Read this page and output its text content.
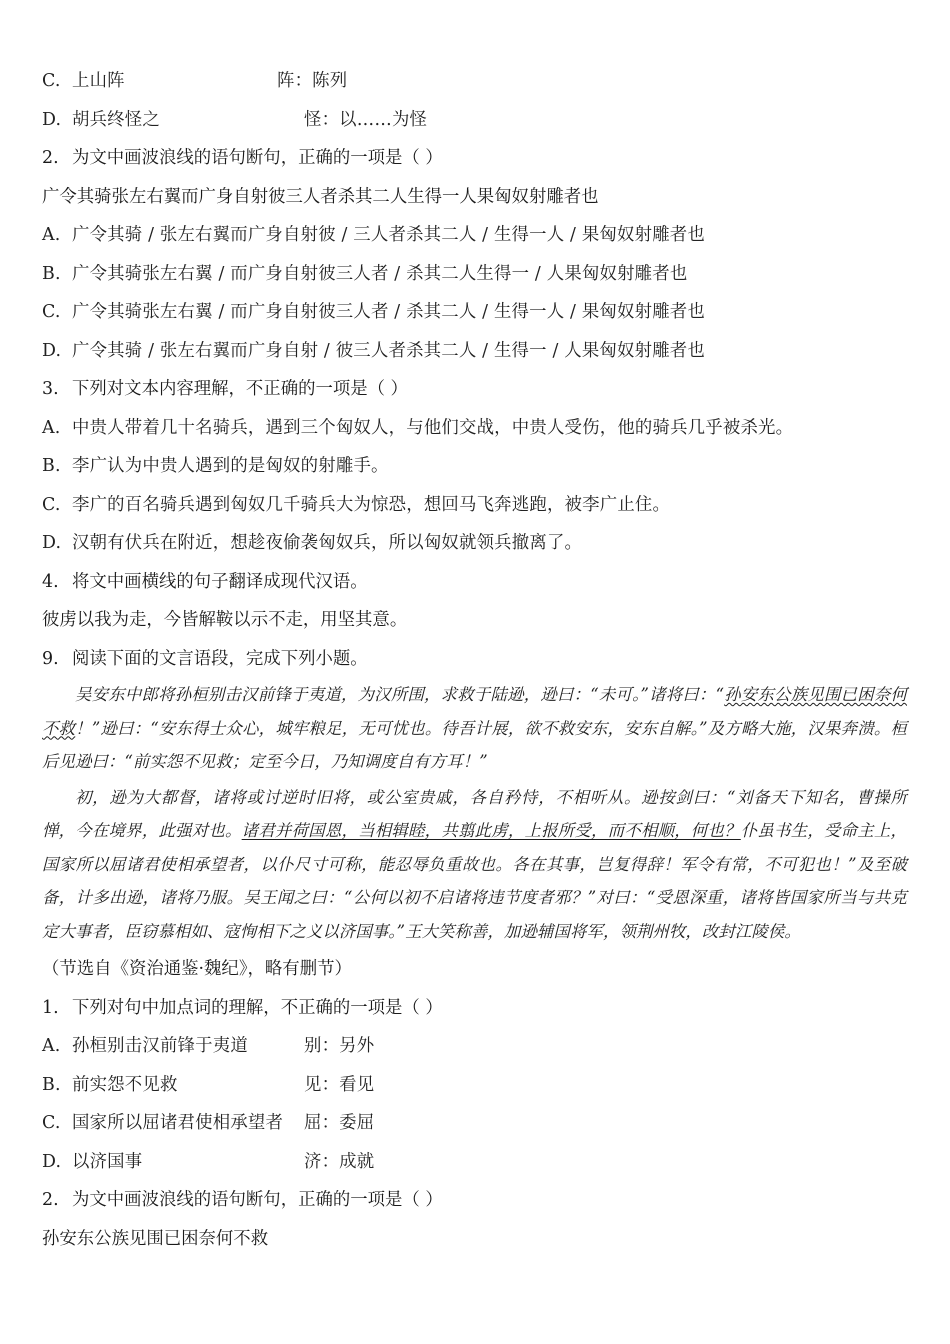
C. 上山阵	阵：陈列
D. 胡兵终怪之	怪：以……为怪
2. 为文中画波浪线的语句断句，正确的一项是（ ）
广令其骑张左右翼而广身自射彼三人者杀其二人生得一人果匈奴射雕者也
A. 广令其骑 / 张左右翼而广身自射彼 / 三人者杀其二人 / 生得一人 / 果匈奴射雕者也
B. 广令其骑张左右翼 / 而广身自射彼三人者 / 杀其二人生得一 / 人果匈奴射雕者也
C. 广令其骑张左右翼 / 而广身自射彼三人者 / 杀其二人 / 生得一人 / 果匈奴射雕者也
D. 广令其骑 / 张左右翼而广身自射 / 彼三人者杀其二人 / 生得一 / 人果匈奴射雕者也
3. 下列对文本内容理解，不正确的一项是（ ）
A. 中贵人带着几十名骑兵，遇到三个匈奴人，与他们交战，中贵人受伤，他的骑兵几乎被杀光。
B. 李广认为中贵人遇到的是匈奴的射雕手。
C. 李广的百名骑兵遇到匈奴几千骑兵大为惊恐，想回马飞奔逃跑，被李广止住。
D. 汉朝有伏兵在附近，想趁夜偷袭匈奴兵，所以匈奴就领兵撤离了。
4. 将文中画横线的句子翻译成现代汉语。
彼虏以我为走，今皆解鞍以示不走，用坚其意。
9. 阅读下面的文言语段，完成下列小题。

吴安东中郎将孙桓别击汉前锋于夷道，为汉所围，求救于陆逊，逊曰：“未可。”诸将曰：“孙安东公族见围已困奈何不救！”逊曰：“安东得士众心，城牢粮足，无可忧也。待吾计展，欲不救安东，安东自解。”及方略大施，汉果奔溃。桓后见逊曰：“前实怨不见救；定至今日，乃知调度自有方耳！”

初，逊为大都督，诸将或讨逆时旧将，或公室贵戚，各自矜恃，不相听从。逊按剑曰：“刘备天下知名，曹操所惮，今在境界，此强对也。诸君并荷国恩，当相辑睦，共翦此虏，上报所受，而不相顺，何也？仆虽书生，受命主上，国家所以屈诸君使相承望者，以仆尺寸可称，能忍辱负重故也。各在其事，岂复得辞！军令有常，不可犯也！”及至破备，计多出逊，诸将乃服。吴王闻之曰：“公何以初不启诸将违节度者邪？”对曰：“受恩深重，诸将皆国家所当与共克定大事者，臣窃慕相如、寇恂相下之义以济国事。”王大笑称善，加逊辅国将军，领荆州牧，改封江陵侯。

（节选自《资治通鉴·魏纪》，略有删节）
1. 下列对句中加点词的理解，不正确的一项是（ ）
A. 孙桓别击汉前锋于夷道	别：另外
B. 前实怨不见救	见：看见
C. 国家所以屈诸君使相承望者	屈：委屈
D. 以济国事	济：成就
2. 为文中画波浪线的语句断句，正确的一项是（ ）
孙安东公族见围已困奈何不救
